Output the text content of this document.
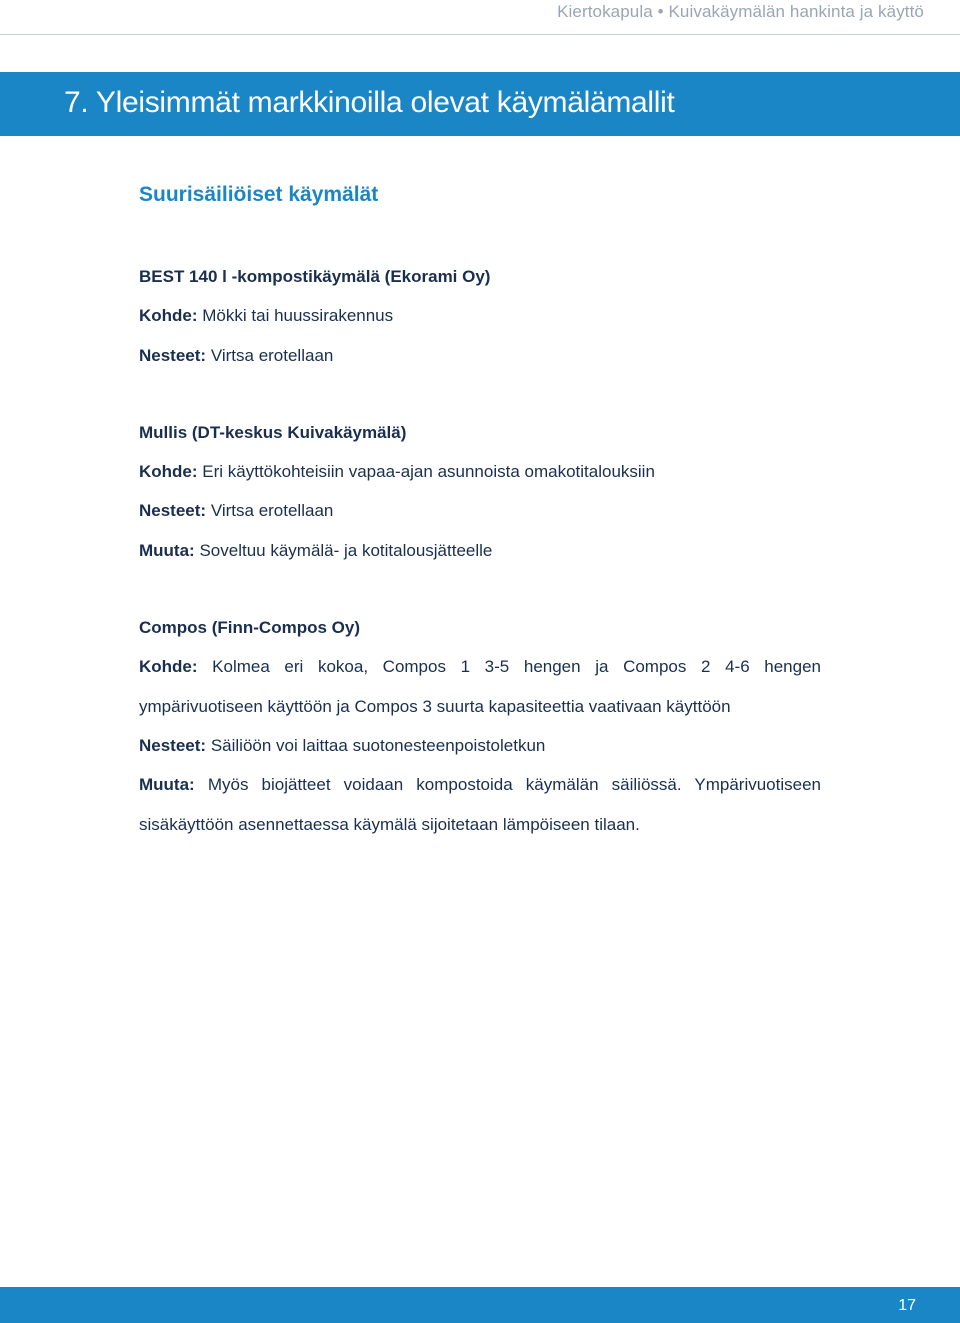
Kiertokapula • Kuivakäymälän hankinta ja käyttö
7. Yleisimmät markkinoilla olevat käymälämallit
Suurisäiliöiset käymälät

BEST 140 l -kompostikäymälä (Ekorami Oy)

Kohde: Mökki tai huussirakennus

Nesteet: Virtsa erotellaan

Mullis (DT-keskus Kuivakäymälä)

Kohde: Eri käyttökohteisiin vapaa-ajan asunnoista omakotitalouksiin

Nesteet: Virtsa erotellaan

Muuta: Soveltuu käymälä- ja kotitalousjätteelle

Compos (Finn-Compos Oy)

Kohde: Kolmea eri kokoa, Compos 1 3-5 hengen ja Compos 2 4-6 hengen ympärivuotiseen käyttöön ja Compos 3 suurta kapasiteettia vaativaan käyttöön

Nesteet: Säiliöön voi laittaa suotonesteenpoistoletkun

Muuta: Myös biojätteet voidaan kompostoida käymälän säiliössä. Ympärivuotiseen sisäkäyttöön asennettaessa käymälä sijoitetaan lämpöiseen tilaan.

17
